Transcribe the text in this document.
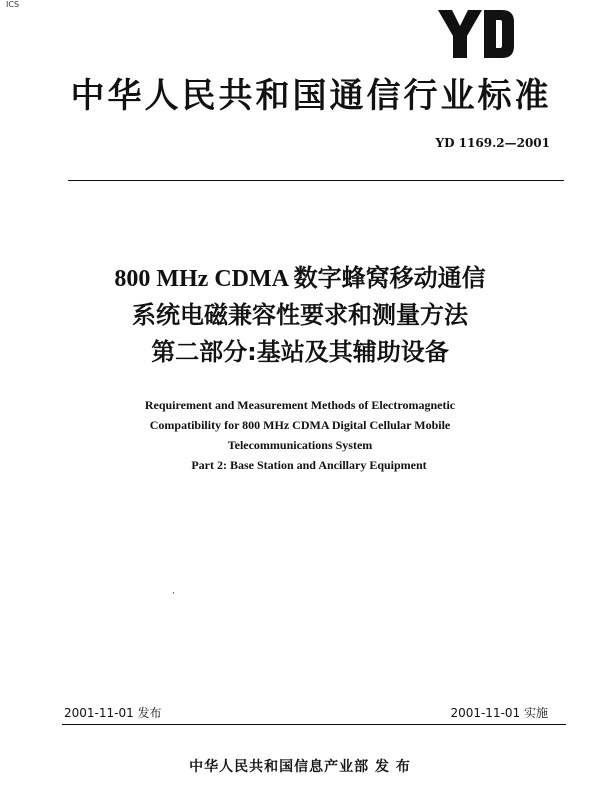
ICS
中华人民共和国通信行业标准
YD 1169.2—2001
800 MHz CDMA 数字蜂窝移动通信
系统电磁兼容性要求和测量方法
第二部分:基站及其辅助设备
Requirement and Measurement Methods of Electromagnetic
Compatibility for 800 MHz CDMA Digital Cellular Mobile
Telecommunications System
Part 2: Base Station and Ancillary Equipment
,
2001-11-01 发布	2001-11-01 实施
中华人民共和国信息产业部 发 布
